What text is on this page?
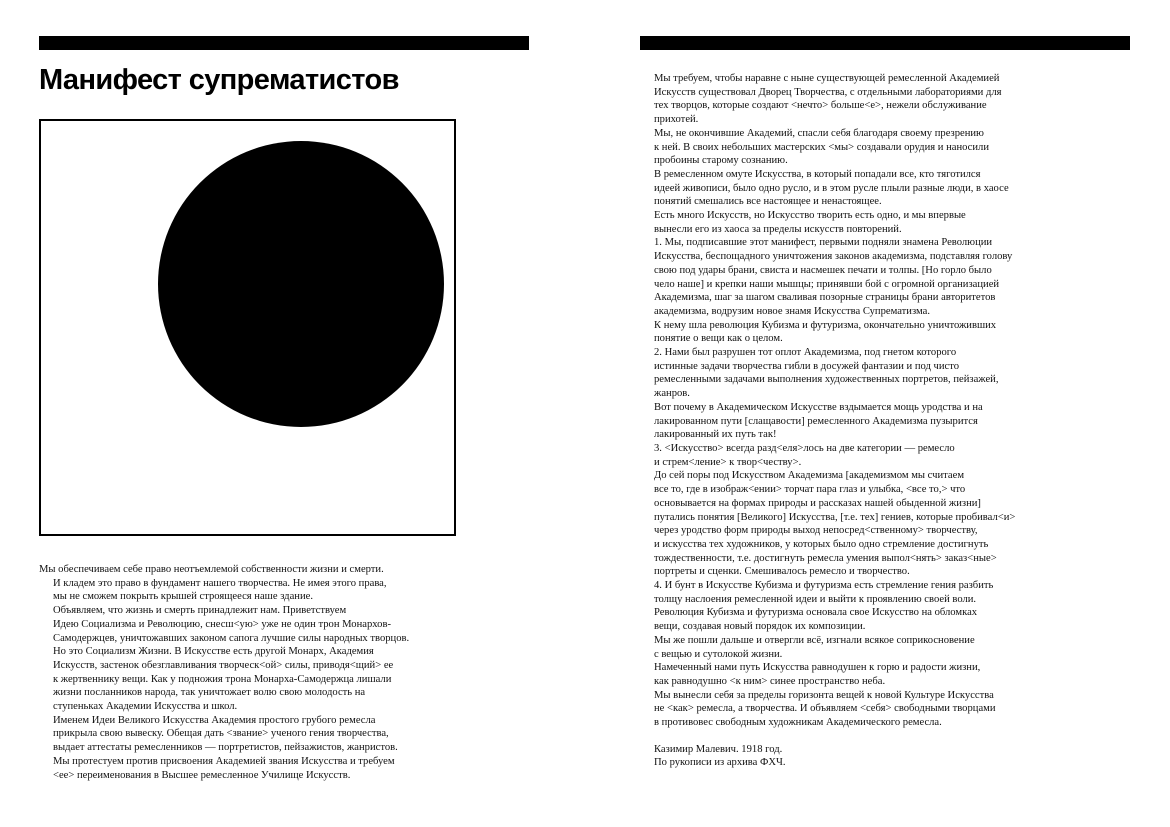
Манифест супрематистов

Мы обеспечиваем себе право неотъемлемой собственности жизни и смерти.

И кладем это право в фундамент нашего творчества. Не имея этого права,
мы не сможем покрыть крышей строящееся наше здание.

Объявляем, что жизнь и смерть принадлежит нам. Приветствуем
Идею Социализма и Революцию, снесш<ую> уже не один трон Монархов-
Самодержцев, уничтожавших законом сапога лучшие силы народных творцов.

Но это Социализм Жизни. В Искусстве есть другой Монарх, Академия
Искусств, застенок обезглавливания творческ<ой> силы, приводя<щий> ее
к жертвеннику вещи. Как у подножия трона Монарха-Самодержца лишали
жизни посланников народа, так уничтожает волю свою молодость на
ступеньках Академии Искусства и школ.

Именем Идеи Великого Искусства Академия простого грубого ремесла
прикрыла свою вывеску. Обещая дать <звание> ученого гения творчества,
выдает аттестаты ремесленников — портретистов, пейзажистов, жанристов.

Мы протестуем против присвоения Академией звания Искусства и требуем
<ее> переименования в Высшее ремесленное Училище Искусств.

Мы требуем, чтобы наравне с ныне существующей ремесленной Академией
Искусств существовал Дворец Творчества, с отдельными лабораториями для
тех творцов, которые создают <нечто> больше<е>, нежели обслуживание
прихотей.

Мы, не окончившие Академий, спасли себя благодаря своему презрению
к ней. В своих небольших мастерских <мы> создавали орудия и наносили
пробоины старому сознанию.

В ремесленном омуте Искусства, в который попадали все, кто тяготился
идеей живописи, было одно русло, и в этом русле плыли разные люди, в хаосе
понятий смешались все настоящее и ненастоящее.

Есть много Искусств, но Искусство творить есть одно, и мы впервые
вынесли его из хаоса за пределы искусств повторений.

1. Мы, подписавшие этот манифест, первыми подняли знамена Революции
Искусства, беспощадного уничтожения законов академизма, подставляя голову
свою под удары брани, свиста и насмешек печати и толпы. [Но горло было
чело наше] и крепки наши мышцы; принявши бой с огромной организацией
Академизма, шаг за шагом сваливая позорные страницы брани авторитетов
академизма, водрузим новое знамя Искусства Супрематизма.

К нему шла революция Кубизма и футуризма, окончательно уничтоживших
понятие о вещи как о целом.

2. Нами был разрушен тот оплот Академизма, под гнетом которого
истинные задачи творчества гибли в досужей фантазии и под чисто
ремесленными задачами выполнения художественных портретов, пейзажей,
жанров.

Вот почему в Академическом Искусстве вздымается мощь уродства и на
лакированном пути [слащавости] ремесленного Академизма пузырится
лакированный их путь так!

3. <Искусство> всегда разд<еля>лось на две категории — ремесло
и стрем<ление> к твор<честву>.

До сей поры под Искусством Академизма [академизмом мы считаем
все то, где в изображ<ении> торчат пара глаз и улыбка, <все то,> что
основывается на формах природы и рассказах нашей обыденной жизни]
путались понятия [Великого] Искусства, [т.е. тех] гениев, которые пробивал<и>
через уродство форм природы выход непосред<ственному> творчеству,
и искусства тех художников, у которых было одно стремление достигнуть
тождественности, т.е. достигнуть ремесла умения выпол<нять> заказ<ные>
портреты и сценки. Смешивалось ремесло и творчество.

4. И бунт в Искусстве Кубизма и футуризма есть стремление гения разбить
толщу наслоения ремесленной идеи и выйти к проявлению своей воли.

Революция Кубизма и футуризма основала свое Искусство на обломках
вещи, создавая новый порядок их композиции.

Мы же пошли дальше и отвергли всё, изгнали всякое соприкосновение
с вещью и сутолокой жизни.

Намеченный нами путь Искусства равнодушен к горю и радости жизни,
как равнодушно <к ним> синее пространство неба.

Мы вынесли себя за пределы горизонта вещей к новой Культуре Искусства
не <как> ремесла, а творчества. И объявляем <себя> свободными творцами
в противовес свободным художникам Академического ремесла.

Казимир Малевич. 1918 год.
По рукописи из архива ФХЧ.
